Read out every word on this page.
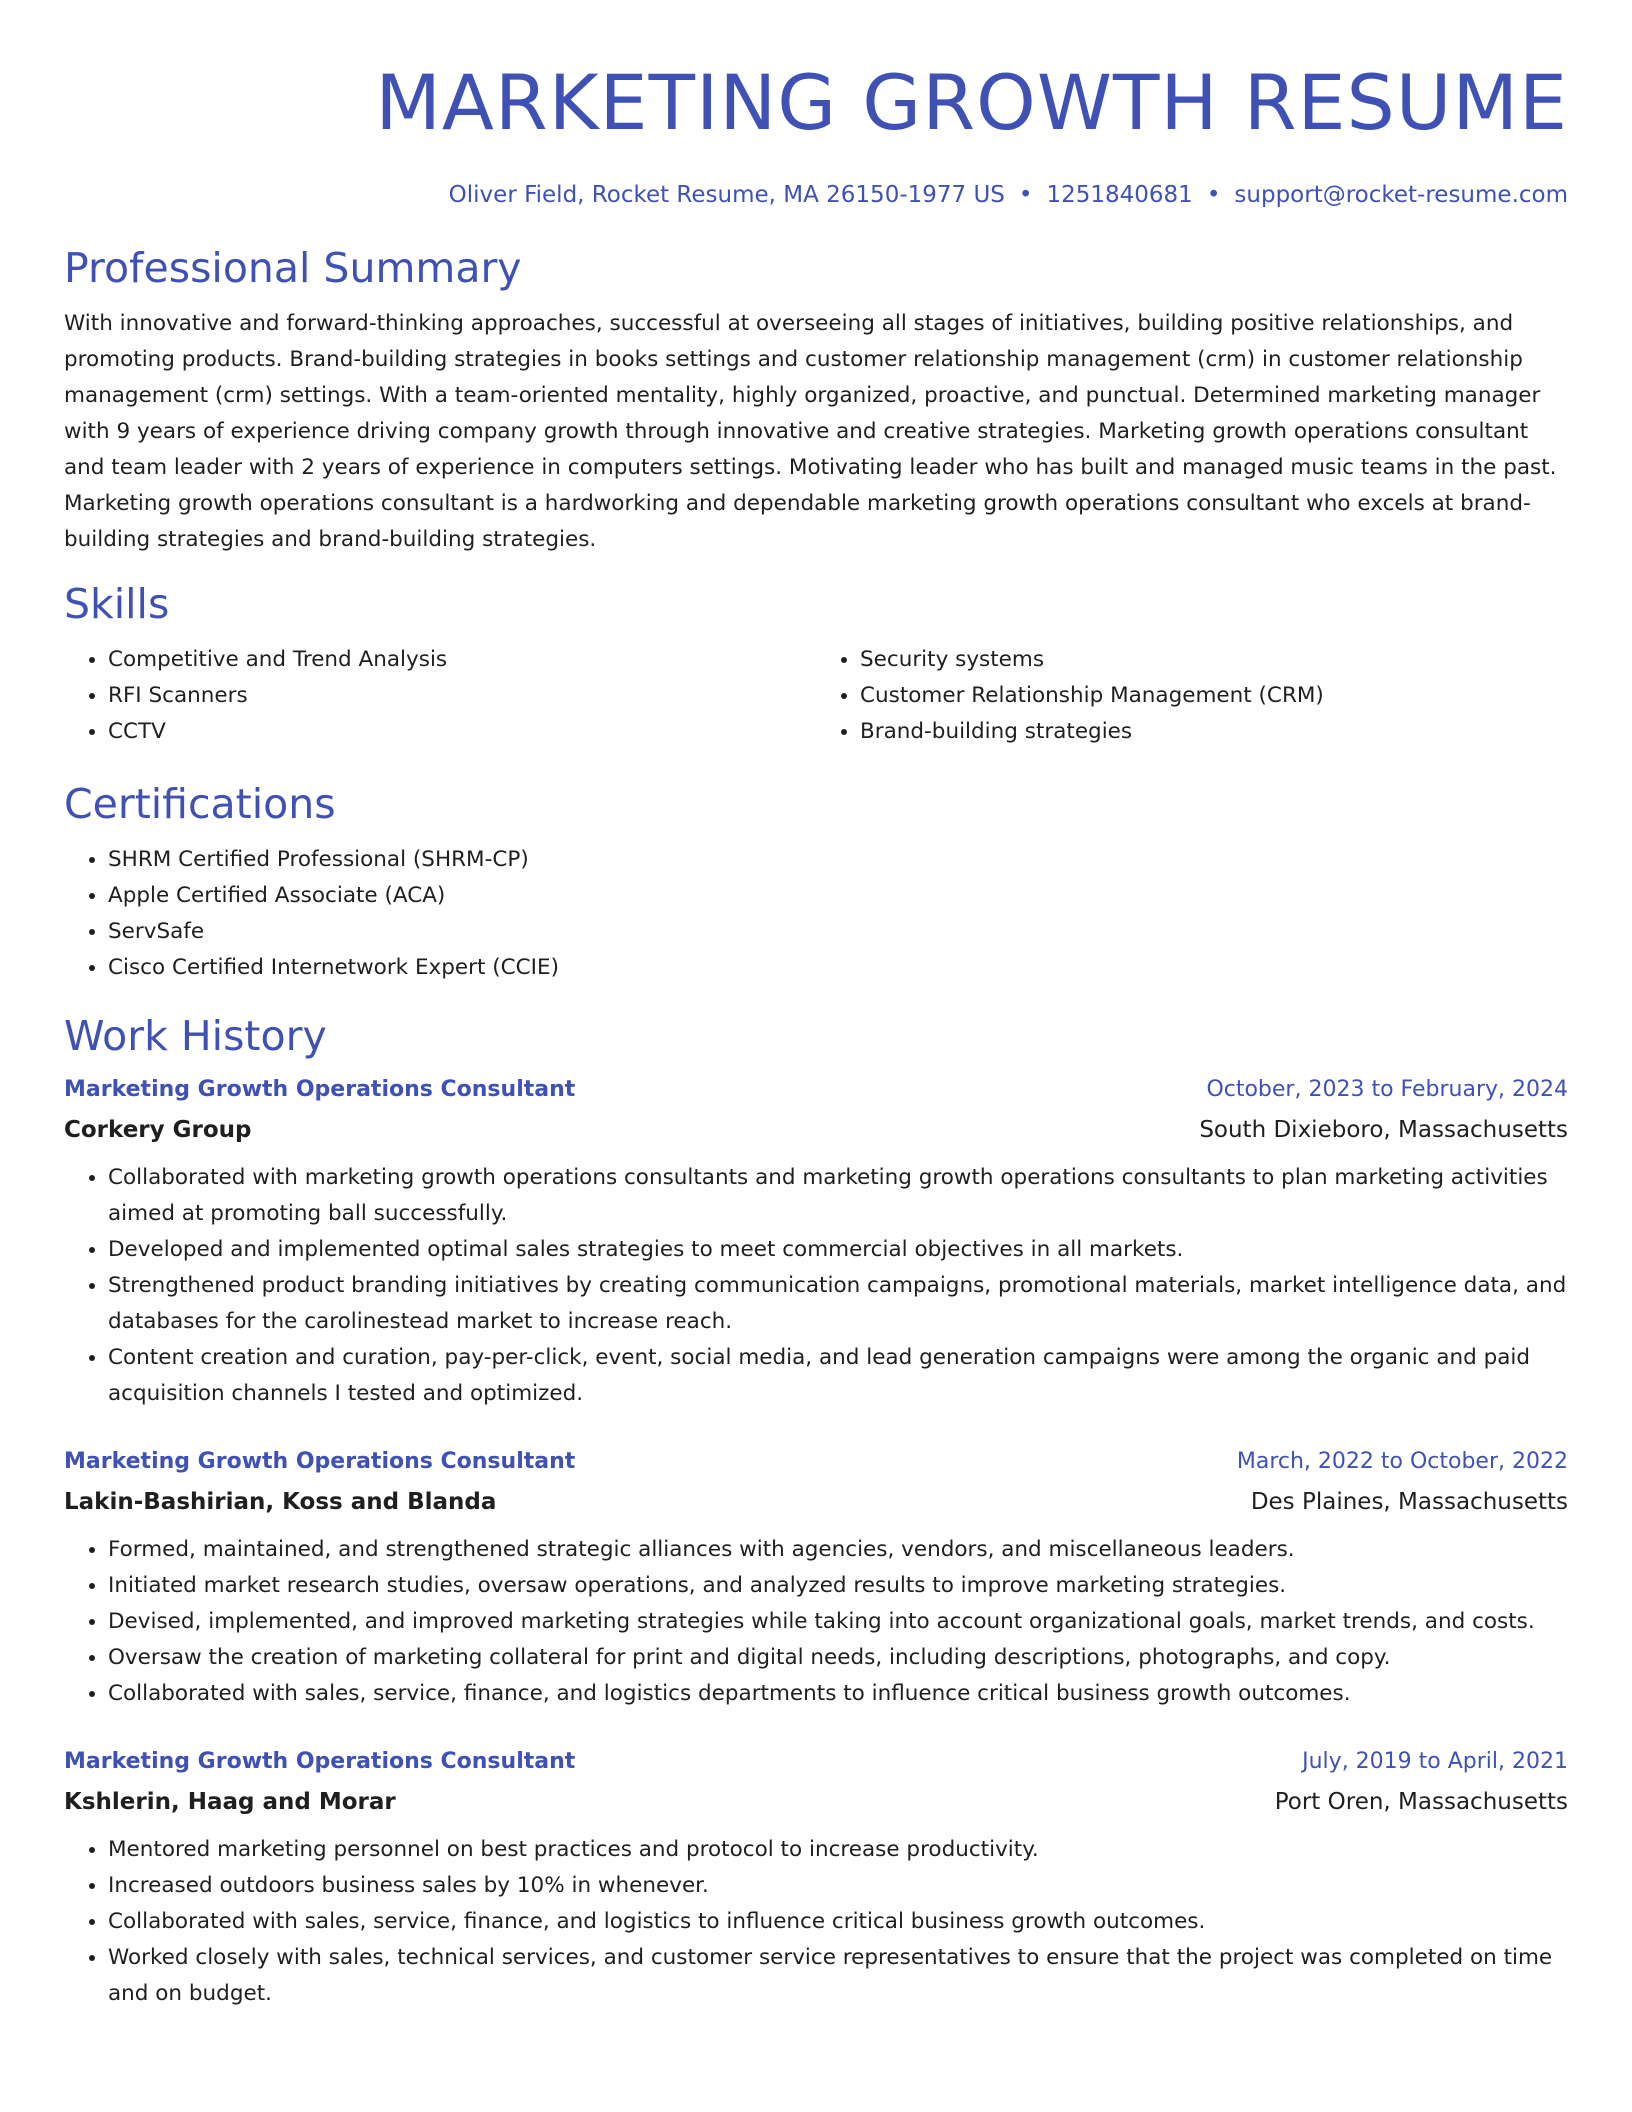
MARKETING GROWTH RESUME
Oliver Field, Rocket Resume, MA 26150-1977 US • 1251840681 • support@rocket-resume.com
Professional Summary

With innovative and forward-thinking approaches, successful at overseeing all stages of initiatives, building positive relationships, and promoting products. Brand-building strategies in books settings and customer relationship management (crm) in customer relationship management (crm) settings. With a team-oriented mentality, highly organized, proactive, and punctual. Determined marketing manager with 9 years of experience driving company growth through innovative and creative strategies. Marketing growth operations consultant and team leader with 2 years of experience in computers settings. Motivating leader who has built and managed music teams in the past. Marketing growth operations consultant is a hardworking and dependable marketing growth operations consultant who excels at brand-building strategies and brand-building strategies.

Skills
• Competitive and Trend Analysis
• RFI Scanners
• CCTV
• Security systems
• Customer Relationship Management (CRM)
• Brand-building strategies
Certifications
• SHRM Certified Professional (SHRM-CP)
• Apple Certified Associate (ACA)
• ServSafe
• Cisco Certified Internetwork Expert (CCIE)
Work History
Marketing Growth Operations Consultant	October, 2023 to February, 2024
Corkery Group	South Dixieboro, Massachusetts
• Collaborated with marketing growth operations consultants and marketing growth operations consultants to plan marketing activities aimed at promoting ball successfully.
• Developed and implemented optimal sales strategies to meet commercial objectives in all markets.
• Strengthened product branding initiatives by creating communication campaigns, promotional materials, market intelligence data, and databases for the carolinestead market to increase reach.
• Content creation and curation, pay-per-click, event, social media, and lead generation campaigns were among the organic and paid acquisition channels I tested and optimized.
Marketing Growth Operations Consultant	March, 2022 to October, 2022
Lakin-Bashirian, Koss and Blanda	Des Plaines, Massachusetts
• Formed, maintained, and strengthened strategic alliances with agencies, vendors, and miscellaneous leaders.
• Initiated market research studies, oversaw operations, and analyzed results to improve marketing strategies.
• Devised, implemented, and improved marketing strategies while taking into account organizational goals, market trends, and costs.
• Oversaw the creation of marketing collateral for print and digital needs, including descriptions, photographs, and copy.
• Collaborated with sales, service, finance, and logistics departments to influence critical business growth outcomes.
Marketing Growth Operations Consultant	July, 2019 to April, 2021
Kshlerin, Haag and Morar	Port Oren, Massachusetts
• Mentored marketing personnel on best practices and protocol to increase productivity.
• Increased outdoors business sales by 10% in whenever.
• Collaborated with sales, service, finance, and logistics to influence critical business growth outcomes.
• Worked closely with sales, technical services, and customer service representatives to ensure that the project was completed on time and on budget.
